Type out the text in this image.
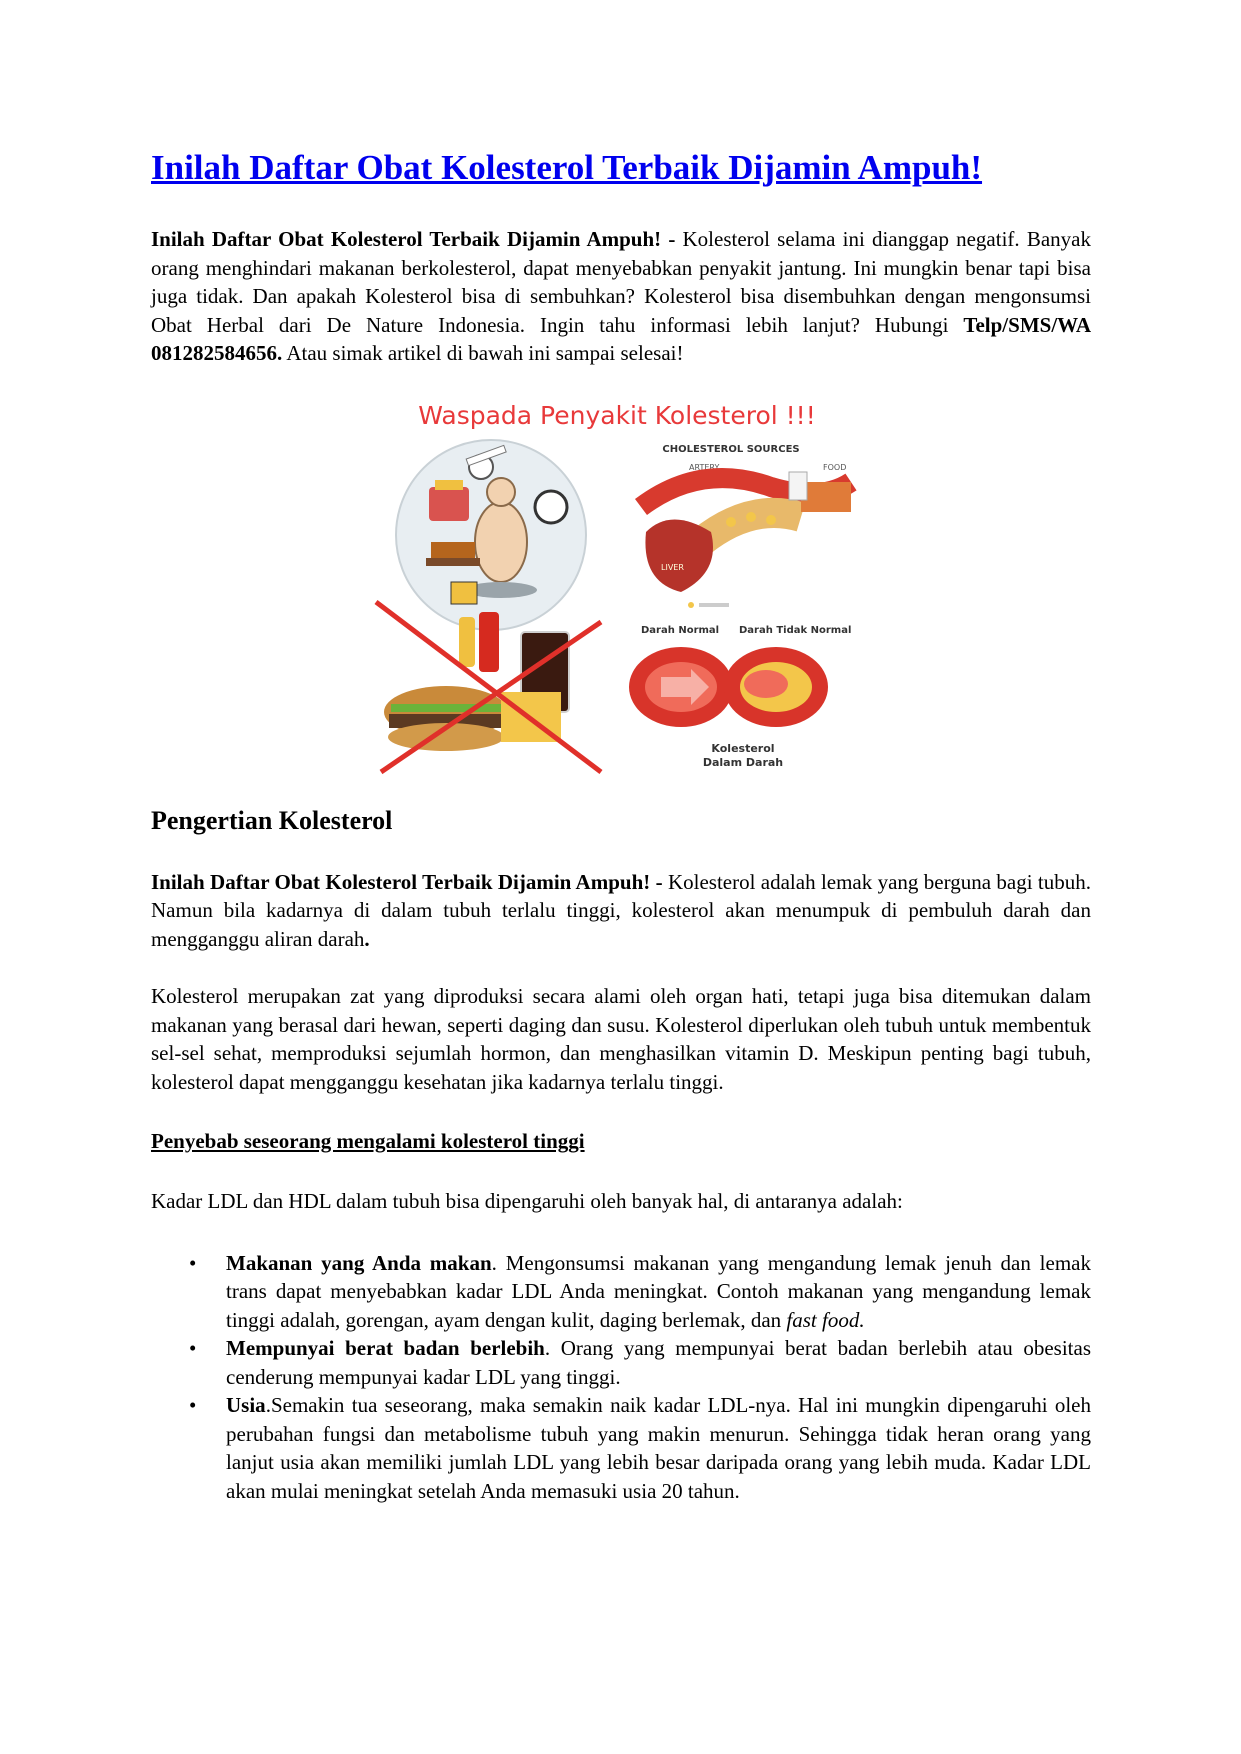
Inilah Daftar Obat Kolesterol Terbaik Dijamin Ampuh!

Inilah Daftar Obat Kolesterol Terbaik Dijamin Ampuh! - Kolesterol selama ini dianggap negatif. Banyak orang menghindari makanan berkolesterol, dapat menyebabkan penyakit jantung. Ini mungkin benar tapi bisa juga tidak. Dan apakah Kolesterol bisa di sembuhkan? Kolesterol bisa disembuhkan dengan mengonsumsi Obat Herbal dari De Nature Indonesia. Ingin tahu informasi lebih lanjut? Hubungi Telp/SMS/WA 081282584656. Atau simak artikel di bawah ini sampai selesai!

Waspada Penyakit Kolesterol !!!
CHOLESTEROL SOURCES
ARTERY	FOOD
LIVER
Darah Normal Darah Tidak Normal
Kolesterol
Dalam Darah
Pengertian Kolesterol

Inilah Daftar Obat Kolesterol Terbaik Dijamin Ampuh! - Kolesterol adalah lemak yang berguna bagi tubuh. Namun bila kadarnya di dalam tubuh terlalu tinggi, kolesterol akan menumpuk di pembuluh darah dan mengganggu aliran darah.

Kolesterol merupakan zat yang diproduksi secara alami oleh organ hati, tetapi juga bisa ditemukan dalam makanan yang berasal dari hewan, seperti daging dan susu. Kolesterol diperlukan oleh tubuh untuk membentuk sel-sel sehat, memproduksi sejumlah hormon, dan menghasilkan vitamin D. Meskipun penting bagi tubuh, kolesterol dapat mengganggu kesehatan jika kadarnya terlalu tinggi.

Penyebab seseorang mengalami kolesterol tinggi

Kadar LDL dan HDL dalam tubuh bisa dipengaruhi oleh banyak hal, di antaranya adalah:

• Makanan yang Anda makan. Mengonsumsi makanan yang mengandung lemak jenuh dan lemak trans dapat menyebabkan kadar LDL Anda meningkat. Contoh makanan yang mengandung lemak tinggi adalah, gorengan, ayam dengan kulit, daging berlemak, dan fast food.
• Mempunyai berat badan berlebih. Orang yang mempunyai berat badan berlebih atau obesitas cenderung mempunyai kadar LDL yang tinggi.
• Usia.Semakin tua seseorang, maka semakin naik kadar LDL-nya. Hal ini mungkin dipengaruhi oleh perubahan fungsi dan metabolisme tubuh yang makin menurun. Sehingga tidak heran orang yang lanjut usia akan memiliki jumlah LDL yang lebih besar daripada orang yang lebih muda. Kadar LDL akan mulai meningkat setelah Anda memasuki usia 20 tahun.
